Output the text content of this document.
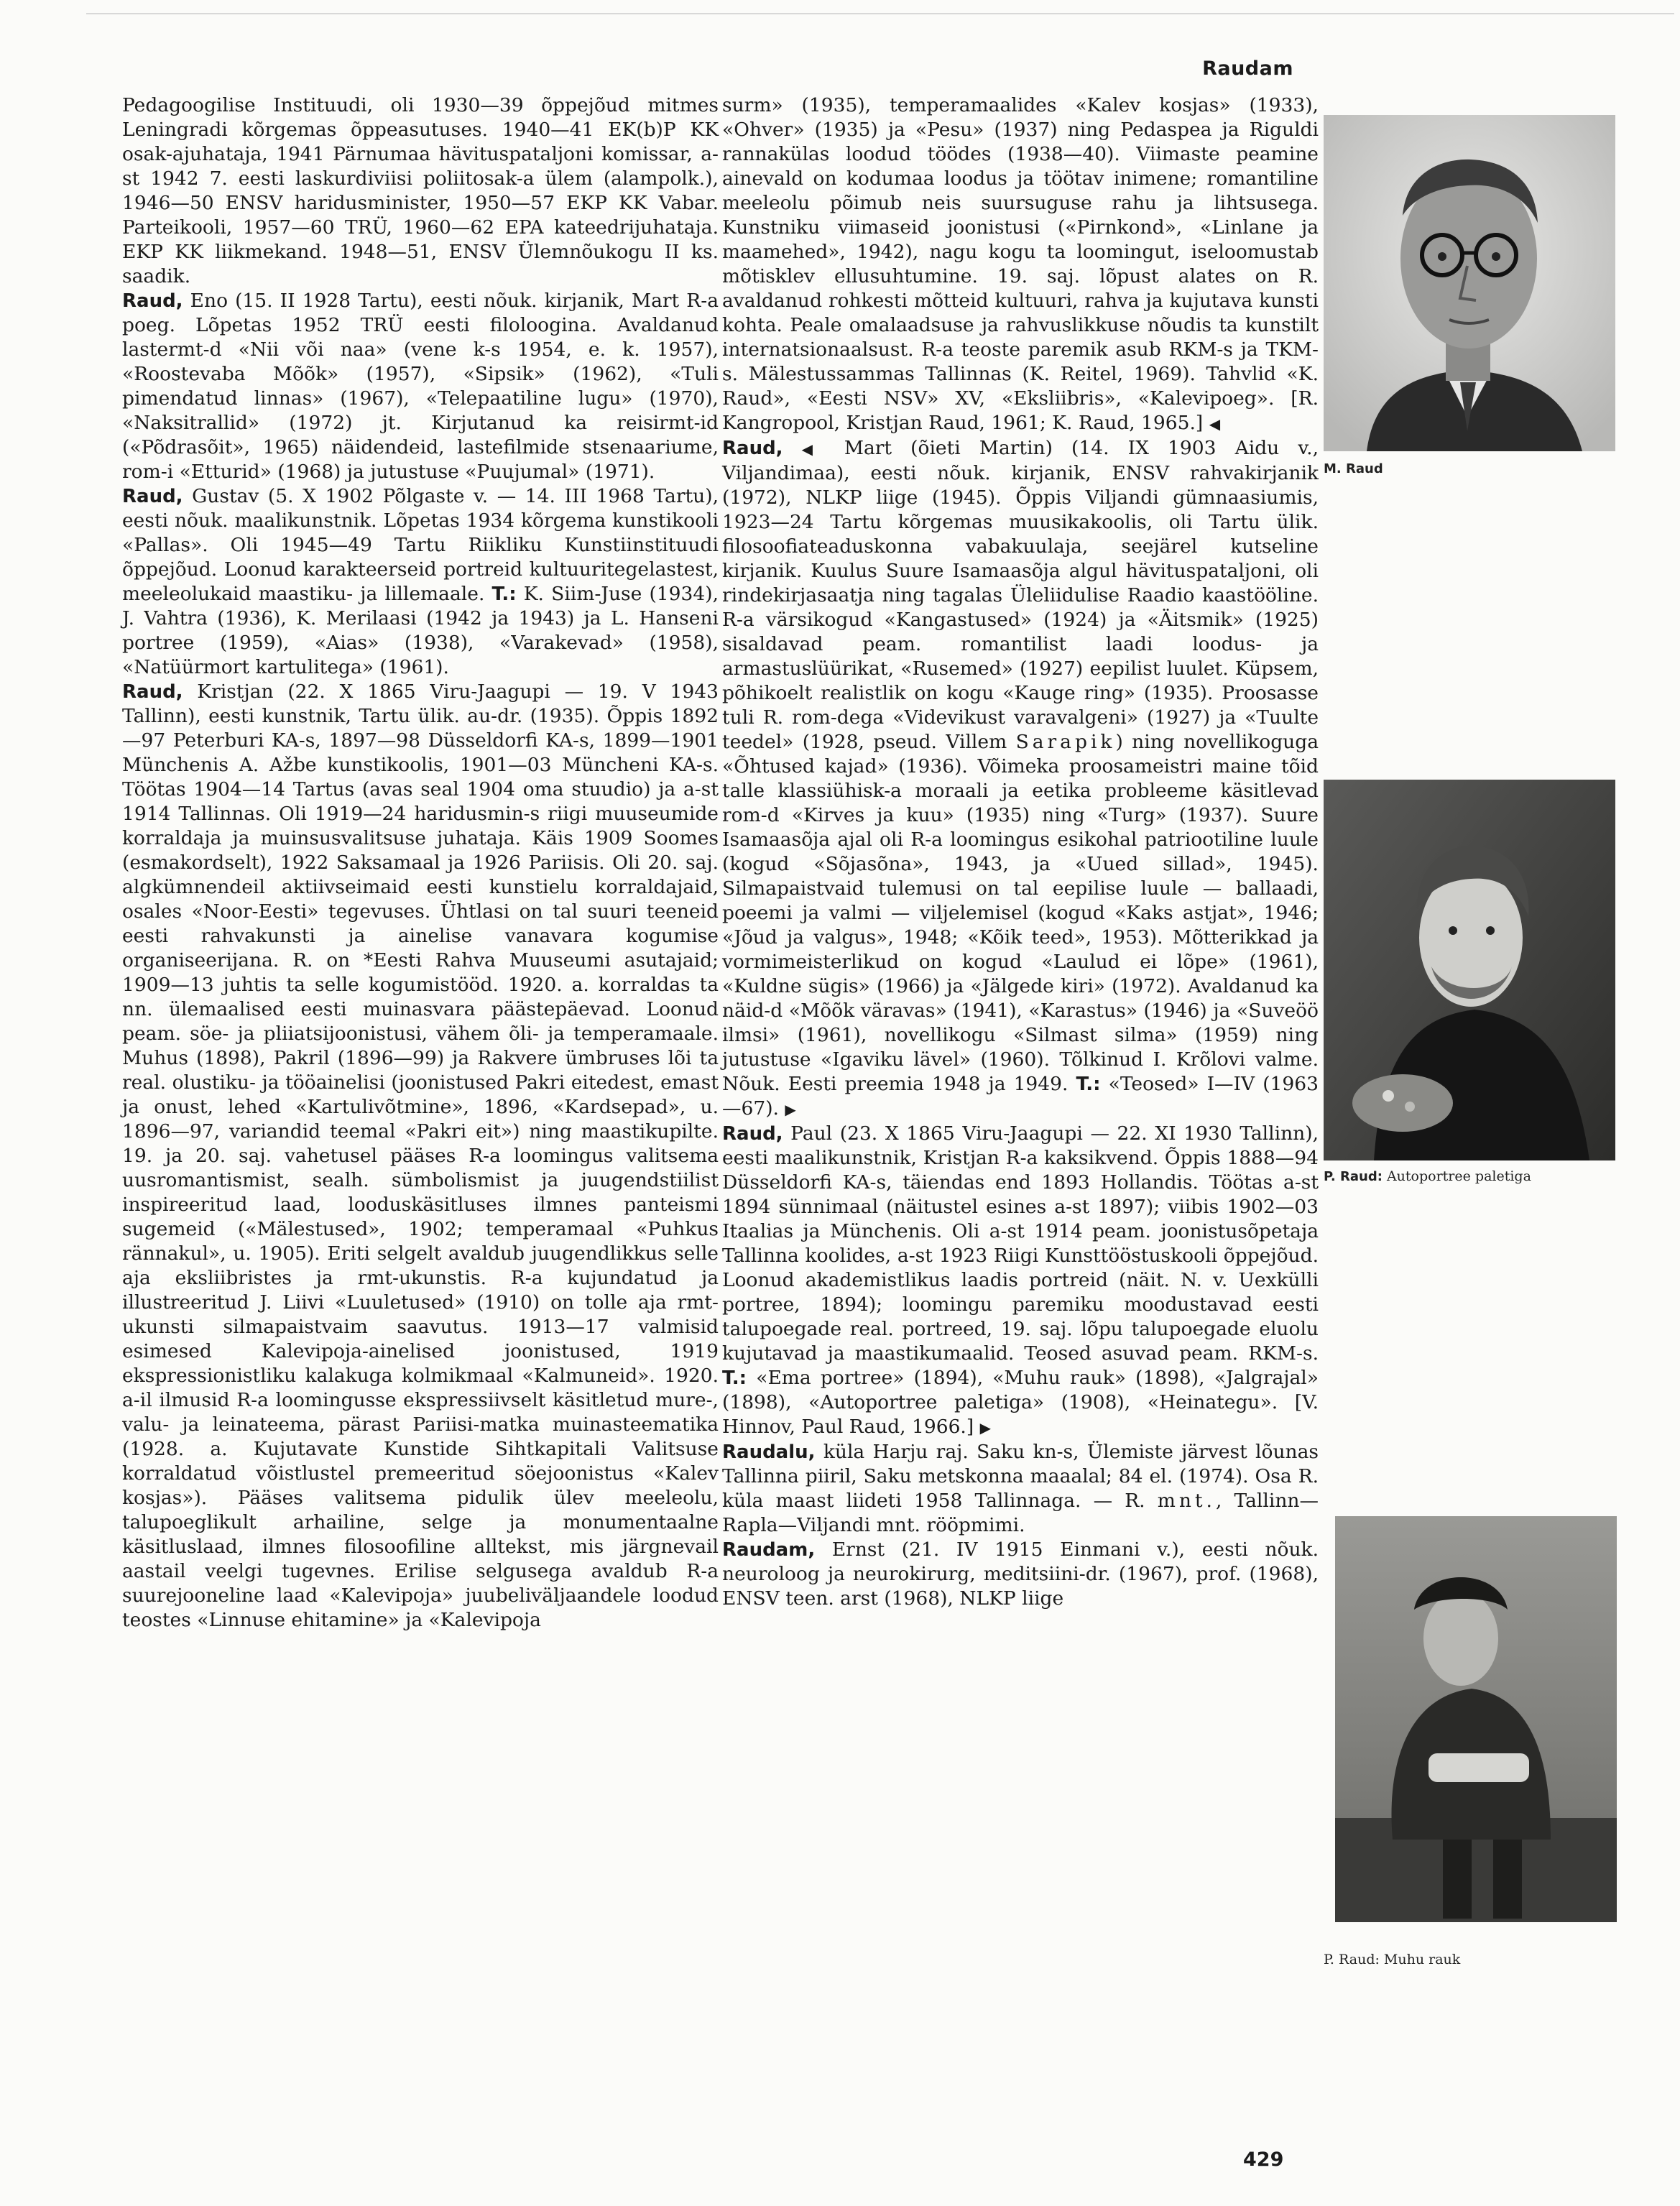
Raudam

Pedagoogilise Instituudi, oli 1930—39 õppejõud mitmes Leningradi kõrgemas õppeasutuses. 1940—41 EK(b)P KK osak-ajuhataja, 1941 Pärnumaa hävituspataljoni komissar, a-st 1942 7. eesti laskurdiviisi poliitosak-a ülem (alampolk.), 1946—50 ENSV haridusminister, 1950—57 EKP KK Vabar. Parteikooli, 1957—60 TRÜ, 1960—62 EPA kateedrijuhataja. EKP KK liikmekand. 1948—51, ENSV Ülemnõukogu II ks. saadik.

Raud, Eno (15. II 1928 Tartu), eesti nõuk. kirjanik, Mart R-a poeg. Lõpetas 1952 TRÜ eesti filoloogina. Avaldanud lastermt-d «Nii või naa» (vene k-s 1954, e. k. 1957), «Roostevaba Mõõk» (1957), «Sipsik» (1962), «Tuli pimendatud linnas» (1967), «Telepaatiline lugu» (1970), «Naksitrallid» (1972) jt. Kirjutanud ka reisirmt-id («Põdrasõit», 1965) näidendeid, lastefilmide stsenaariume, rom-i «Etturid» (1968) ja jutustuse «Puujumal» (1971).

Raud, Gustav (5. X 1902 Põlgaste v. — 14. III 1968 Tartu), eesti nõuk. maalikunstnik. Lõpetas 1934 kõrgema kunstikooli «Pallas». Oli 1945—49 Tartu Riikliku Kunstiinstituudi õppejõud. Loonud karakteerseid portreid kultuuritegelastest, meeleolukaid maastiku- ja lillemaale. T.: K. Siim-Juse (1934), J. Vahtra (1936), K. Merilaasi (1942 ja 1943) ja L. Hanseni portree (1959), «Aias» (1938), «Varakevad» (1958), «Natüürmort kartulitega» (1961).

Raud, Kristjan (22. X 1865 Viru-Jaagupi — 19. V 1943 Tallinn), eesti kunstnik, Tartu ülik. au-dr. (1935). Õppis 1892—97 Peterburi KA-s, 1897—98 Düsseldorfi KA-s, 1899—1901 Münchenis A. Ažbe kunstikoolis, 1901—03 Müncheni KA-s. Töötas 1904—14 Tartus (avas seal 1904 oma stuudio) ja a-st 1914 Tallinnas. Oli 1919—24 haridusmin-s riigi muuseumide korraldaja ja muinsusvalitsuse juhataja. Käis 1909 Soomes (esmakordselt), 1922 Saksamaal ja 1926 Pariisis. Oli 20. saj. algkümnendeil aktiivseimaid eesti kunstielu korraldajaid, osales «Noor-Eesti» tegevuses. Ühtlasi on tal suuri teeneid eesti rahvakunsti ja ainelise vanavara kogumise organiseerijana. R. on *Eesti Rahva Muuseumi asutajaid; 1909—13 juhtis ta selle kogumistööd. 1920. a. korraldas ta nn. ülemaalised eesti muinasvara päästepäevad. Loonud peam. söe- ja pliiatsijoonistusi, vähem õli- ja temperamaale. Muhus (1898), Pakril (1896—99) ja Rakvere ümbruses lõi ta real. olustiku- ja tööainelisi (joonistused Pakri eitedest, emast ja onust, lehed «Kartulivõtmine», 1896, «Kardsepad», u. 1896—97, variandid teemal «Pakri eit») ning maastikupilte. 19. ja 20. saj. vahetusel pääses R-a loomingus valitsema uusromantismist, sealh. sümbolismist ja juugendstiilist inspireeritud laad, looduskäsitluses ilmnes panteismi sugemeid («Mälestused», 1902; temperamaal «Puhkus rännakul», u. 1905). Eriti selgelt avaldub juugendlikkus selle aja eksliibristes ja rmt-ukunstis. R-a kujundatud ja illustreeritud J. Liivi «Luuletused» (1910) on tolle aja rmt-ukunsti silmapaistvaim saavutus. 1913—17 valmisid esimesed Kalevipoja-ainelised joonistused, 1919 ekspressionistliku kalakuga kolmikmaal «Kalmuneid». 1920. a-il ilmusid R-a loomingusse ekspressiivselt käsitletud mure-, valu- ja leinateema, pärast Pariisi-matka muinasteematika (1928. a. Kujutavate Kunstide Sihtkapitali Valitsuse korraldatud võistlustel premeeritud söejoonistus «Kalev kosjas»). Pääses valitsema pidulik ülev meeleolu, talupoeglikult arhailine, selge ja monumentaalne käsitluslaad, ilmnes filosoofiline alltekst, mis järgnevail aastail veelgi tugevnes. Erilise selgusega avaldub R-a suurejooneline laad «Kalevipoja» juubeliväljaandele loodud teostes «Linnuse ehitamine» ja «Kalevipoja

surm» (1935), temperamaalides «Kalev kosjas» (1933), «Ohver» (1935) ja «Pesu» (1937) ning Pedaspea ja Riguldi rannakülas loodud töödes (1938—40). Viimaste peamine ainevald on kodumaa loodus ja töötav inimene; romantiline meeleolu põimub neis suursuguse rahu ja lihtsusega. Kunstniku viimaseid joonistusi («Pirnkond», «Linlane ja maamehed», 1942), nagu kogu ta loomingut, iseloomustab mõtisklev ellusuhtumine. 19. saj. lõpust alates on R. avaldanud rohkesti mõtteid kultuuri, rahva ja kujutava kunsti kohta. Peale omalaadsuse ja rahvuslikkuse nõudis ta kunstilt internatsionaalsust. R-a teoste paremik asub RKM-s ja TKM-s. Mälestussammas Tallinnas (K. Reitel, 1969). Tahvlid «K. Raud», «Eesti NSV» XV, «Eksliibris», «Kalevipoeg». [R. Kangropool, Kristjan Raud, 1961; K. Raud, 1965.] ◀

Raud, ◀ Mart (õieti Martin) (14. IX 1903 Aidu v., Viljandimaa), eesti nõuk. kirjanik, ENSV rahvakirjanik (1972), NLKP liige (1945). Õppis Viljandi gümnaasiumis, 1923—24 Tartu kõrgemas muusikakoolis, oli Tartu ülik. filosoofiateaduskonna vabakuulaja, seejärel kutseline kirjanik. Kuulus Suure Isamaasõja algul hävituspataljoni, oli rindekirjasaatja ning tagalas Üleliidulise Raadio kaastööline. R-a värsikogud «Kangastused» (1924) ja «Äitsmik» (1925) sisaldavad peam. romantilist laadi loodus- ja armastuslüürikat, «Rusemed» (1927) eepilist luulet. Küpsem, põhikoelt realistlik on kogu «Kauge ring» (1935). Proosasse tuli R. rom-dega «Videvikust varavalgeni» (1927) ja «Tuulte teedel» (1928, pseud. Villem Sarapik) ning novellikoguga «Õhtused kajad» (1936). Võimeka proosameistri maine tõid talle klassiühisk-a moraali ja eetika probleeme käsitlevad rom-d «Kirves ja kuu» (1935) ning «Turg» (1937). Suure Isamaasõja ajal oli R-a loomingus esikohal patriootiline luule (kogud «Sõjasõna», 1943, ja «Uued sillad», 1945). Silmapaistvaid tulemusi on tal eepilise luule — ballaadi, poeemi ja valmi — viljelemisel (kogud «Kaks astjat», 1946; «Jõud ja valgus», 1948; «Kõik teed», 1953). Mõtterikkad ja vormimeisterlikud on kogud «Laulud ei lõpe» (1961), «Kuldne sügis» (1966) ja «Jälgede kiri» (1972). Avaldanud ka näid-d «Mõõk väravas» (1941), «Karastus» (1946) ja «Suveöö ilmsi» (1961), novellikogu «Silmast silma» (1959) ning jutustuse «Igaviku lävel» (1960). Tõlkinud I. Krõlovi valme. Nõuk. Eesti preemia 1948 ja 1949. T.: «Teosed» I—IV (1963—67). ▶

Raud, Paul (23. X 1865 Viru-Jaagupi — 22. XI 1930 Tallinn), eesti maalikunstnik, Kristjan R-a kaksikvend. Õppis 1888—94 Düsseldorfi KA-s, täiendas end 1893 Hollandis. Töötas a-st 1894 sünnimaal (näitustel esines a-st 1897); viibis 1902—03 Itaalias ja Münchenis. Oli a-st 1914 peam. joonistusõpetaja Tallinna koolides, a-st 1923 Riigi Kunsttööstuskooli õppejõud. Loonud akademistlikus laadis portreid (näit. N. v. Uexkülli portree, 1894); loomingu paremiku moodustavad eesti talupoegade real. portreed, 19. saj. lõpu talupoegade eluolu kujutavad ja maastikumaalid. Teosed asuvad peam. RKM-s. T.: «Ema portree» (1894), «Muhu rauk» (1898), «Jalgrajal» (1898), «Autoportree paletiga» (1908), «Heinategu». [V. Hinnov, Paul Raud, 1966.] ▶

Raudalu, küla Harju raj. Saku kn-s, Ülemiste järvest lõunas Tallinna piiril, Saku metskonna maaalal; 84 el. (1974). Osa R. küla maast liideti 1958 Tallinnaga. — R. mnt., Tallinn—Rapla—Viljandi mnt. rööpmimi.

Raudam, Ernst (21. IV 1915 Einmani v.), eesti nõuk. neuroloog ja neurokirurg, meditsiini-dr. (1967), prof. (1968), ENSV teen. arst (1968), NLKP liige

M. Raud
P. Raud: Autoportree paletiga
P. Raud: Muhu rauk
429
